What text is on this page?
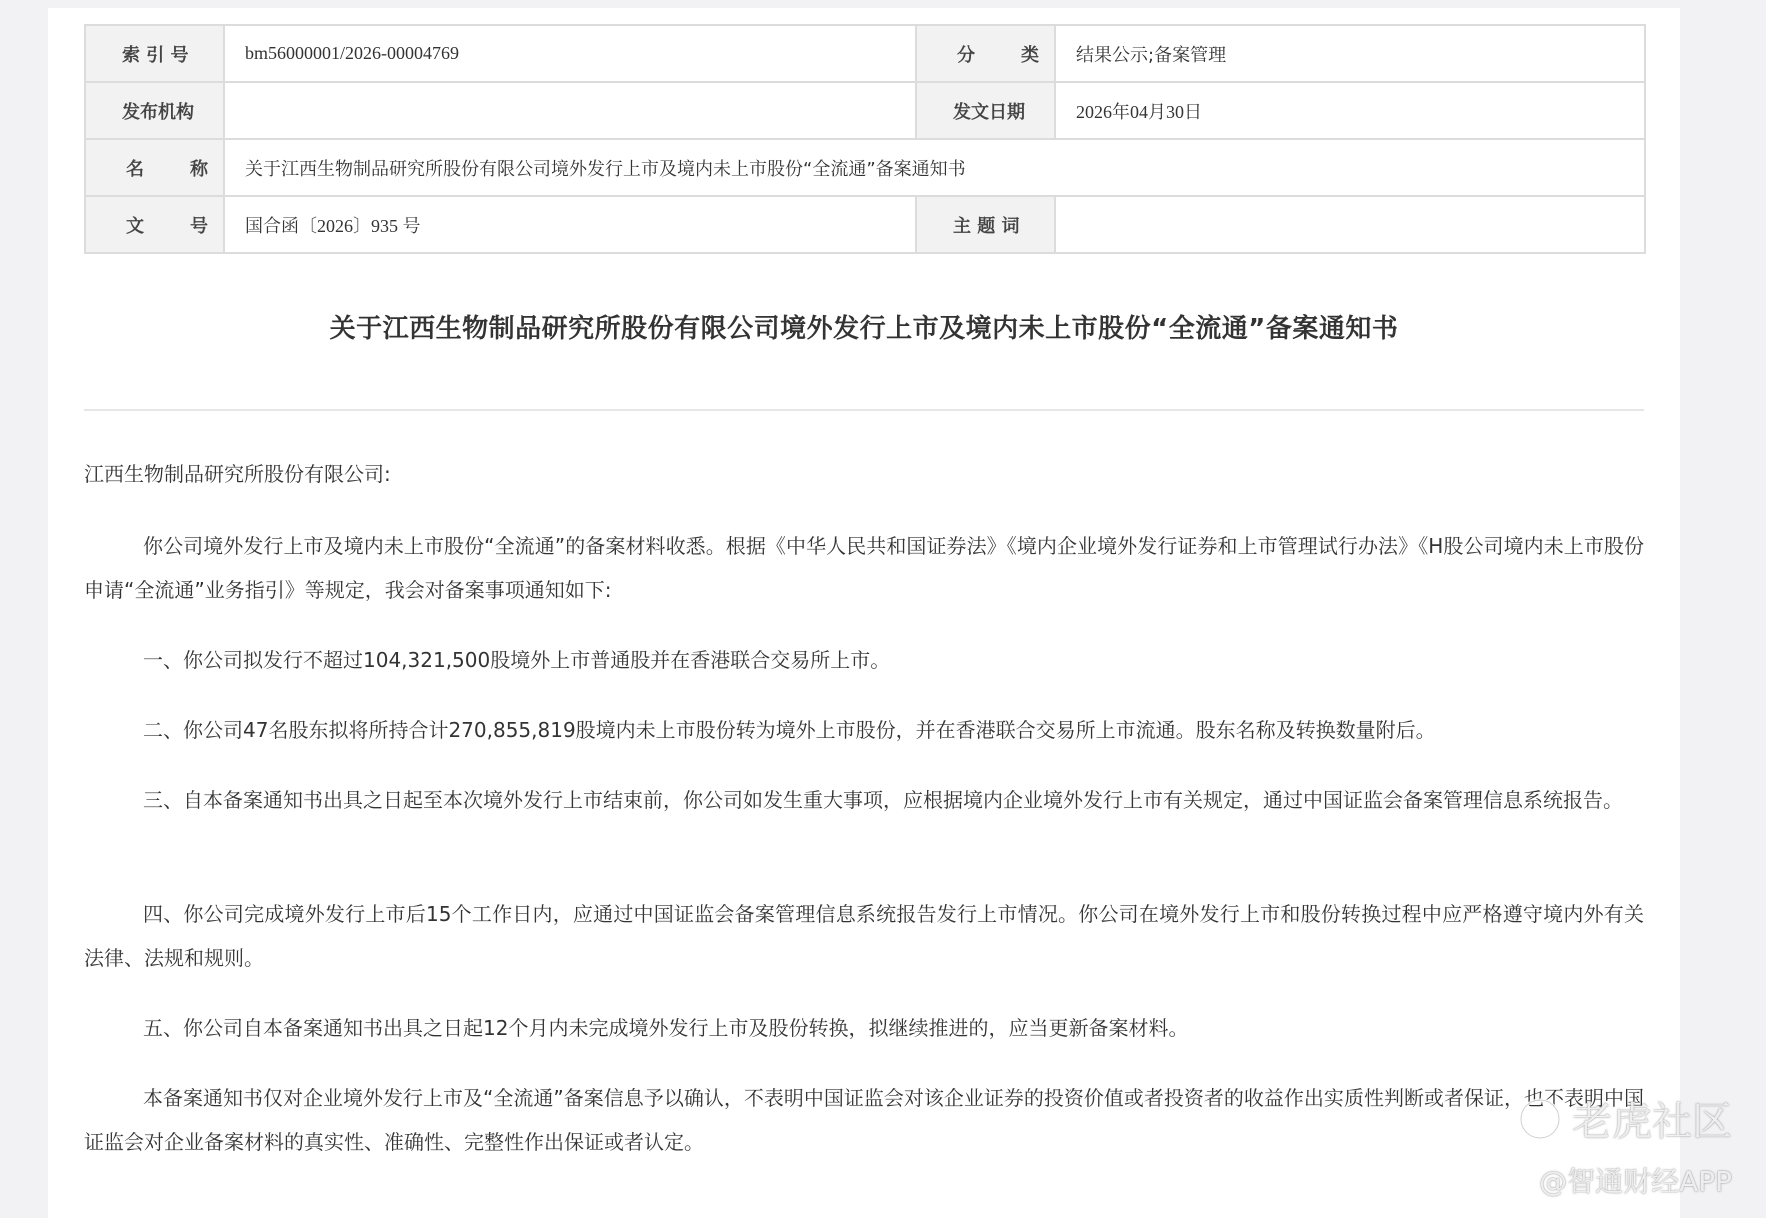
索 引 号	bm56000001/2026-00004769	分 类	结果公示;备案管理
发布机构		发文日期	2026年04月30日

名 称	关于江西生物制品研究所股份有限公司境外发行上市及境内未上市股份“全流通”备案通知书		

文 号	国合函〔2026〕935 号	主 题 词	
关于江西生物制品研究所股份有限公司境外发行上市及境内未上市股份“全流通”备案通知书

江西生物制品研究所股份有限公司:

你公司境外发行上市及境内未上市股份“全流通”的备案材料收悉。根据《中华人民共和国证券法》《境内企业境外发行证券和上市管理试行办法》《H股公司境内未上市股份申请“全流通”业务指引》等规定，我会对备案事项通知如下:

一、你公司拟发行不超过104,321,500股境外上市普通股并在香港联合交易所上市。

二、你公司47名股东拟将所持合计270,855,819股境内未上市股份转为境外上市股份，并在香港联合交易所上市流通。股东名称及转换数量附后。

三、自本备案通知书出具之日起至本次境外发行上市结束前，你公司如发生重大事项，应根据境内企业境外发行上市有关规定，通过中国证监会备案管理信息系统报告。

四、你公司完成境外发行上市后15个工作日内，应通过中国证监会备案管理信息系统报告发行上市情况。你公司在境外发行上市和股份转换过程中应严格遵守境内外有关法律、法规和规则。

五、你公司自本备案通知书出具之日起12个月内未完成境外发行上市及股份转换，拟继续推进的，应当更新备案材料。

本备案通知书仅对企业境外发行上市及“全流通”备案信息予以确认，不表明中国证监会对该企业证券的投资价值或者投资者的收益作出实质性判断或者保证，也不表明中国证监会对企业备案材料的真实性、准确性、完整性作出保证或者认定。	老虎社区
@智通财经APP
